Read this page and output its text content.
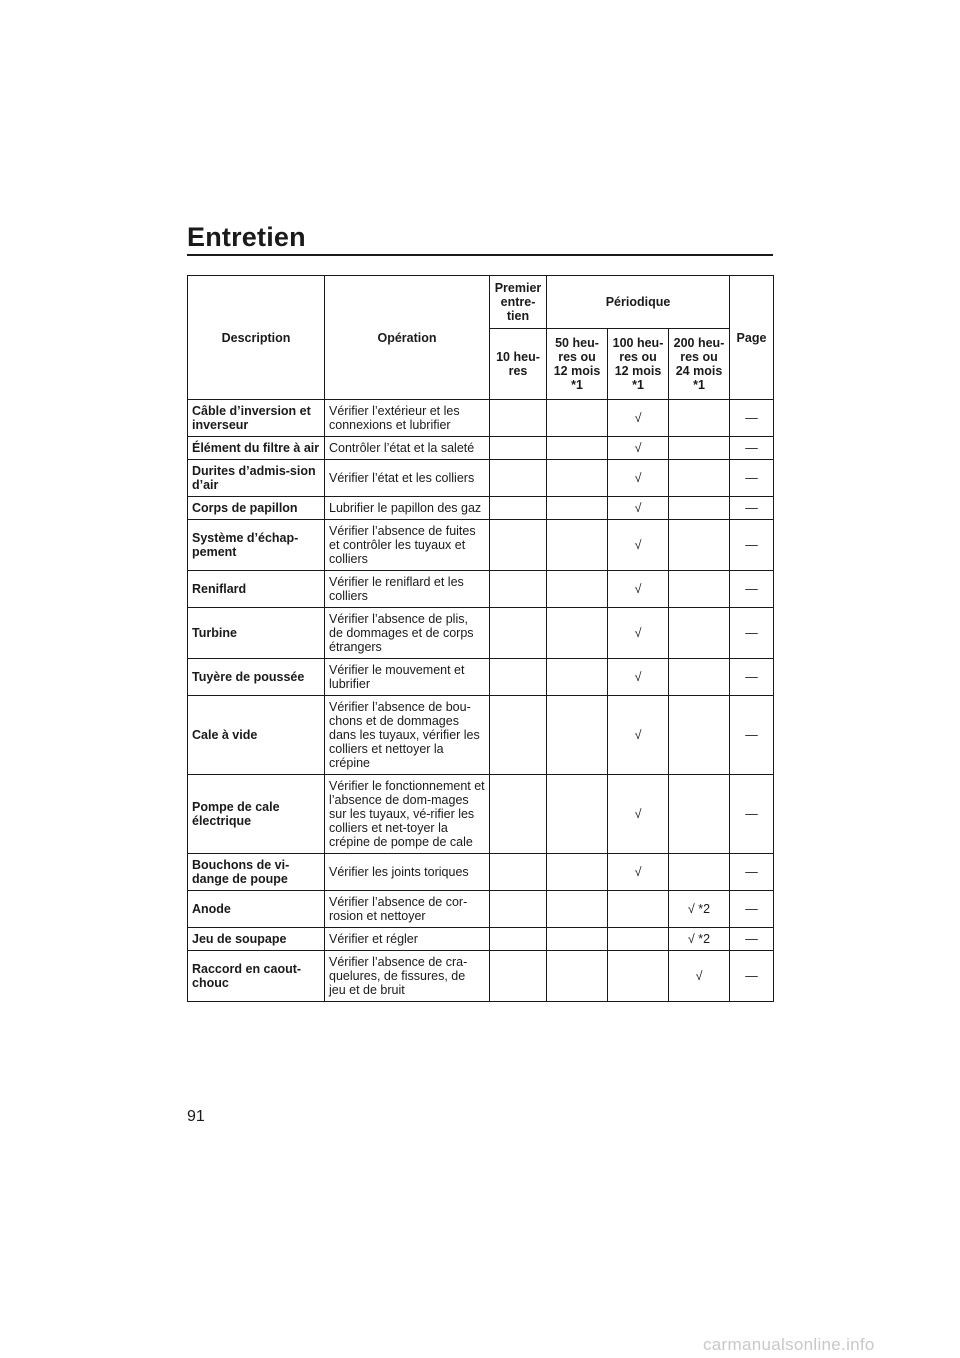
Entretien
Description	Opération	Premier entre-tien	Périodique			Page
		10 heu-res	50 heu-res ou 12 mois *1	100 heu-res ou 12 mois *1	200 heu-res ou 24 mois *1	
Câble d’inversion et inverseur	Vérifier l’extérieur et les connexions et lubrifier			√		—
Élément du filtre à air	Contrôler l’état et la saleté			√		—
Durites d’admis-sion d’air	Vérifier l’état et les colliers			√		—
Corps de papillon	Lubrifier le papillon des gaz			√		—
Système d’échap-pement	Vérifier l’absence de fuites et contrôler les tuyaux et colliers			√		—
Reniflard	Vérifier le reniflard et les colliers			√		—
Turbine	Vérifier l’absence de plis, de dommages et de corps étrangers			√		—
Tuyère de poussée	Vérifier le mouvement et lubrifier			√		—
Cale à vide	Vérifier l’absence de bou-chons et de dommages dans les tuyaux, vérifier les colliers et nettoyer la crépine			√		—
Pompe de cale électrique	Vérifier le fonctionnement et l’absence de dom-mages sur les tuyaux, vé-rifier les colliers et net-toyer la crépine de pompe de cale			√		—
Bouchons de vi-dange de poupe	Vérifier les joints toriques			√		—
Anode	Vérifier l’absence de cor-rosion et nettoyer				√ *2	—
Jeu de soupape	Vérifier et régler				√ *2	—
Raccord en caout-chouc	Vérifier l’absence de cra-quelures, de fissures, de jeu et de bruit				√	—
91
carmanualsonline.info
